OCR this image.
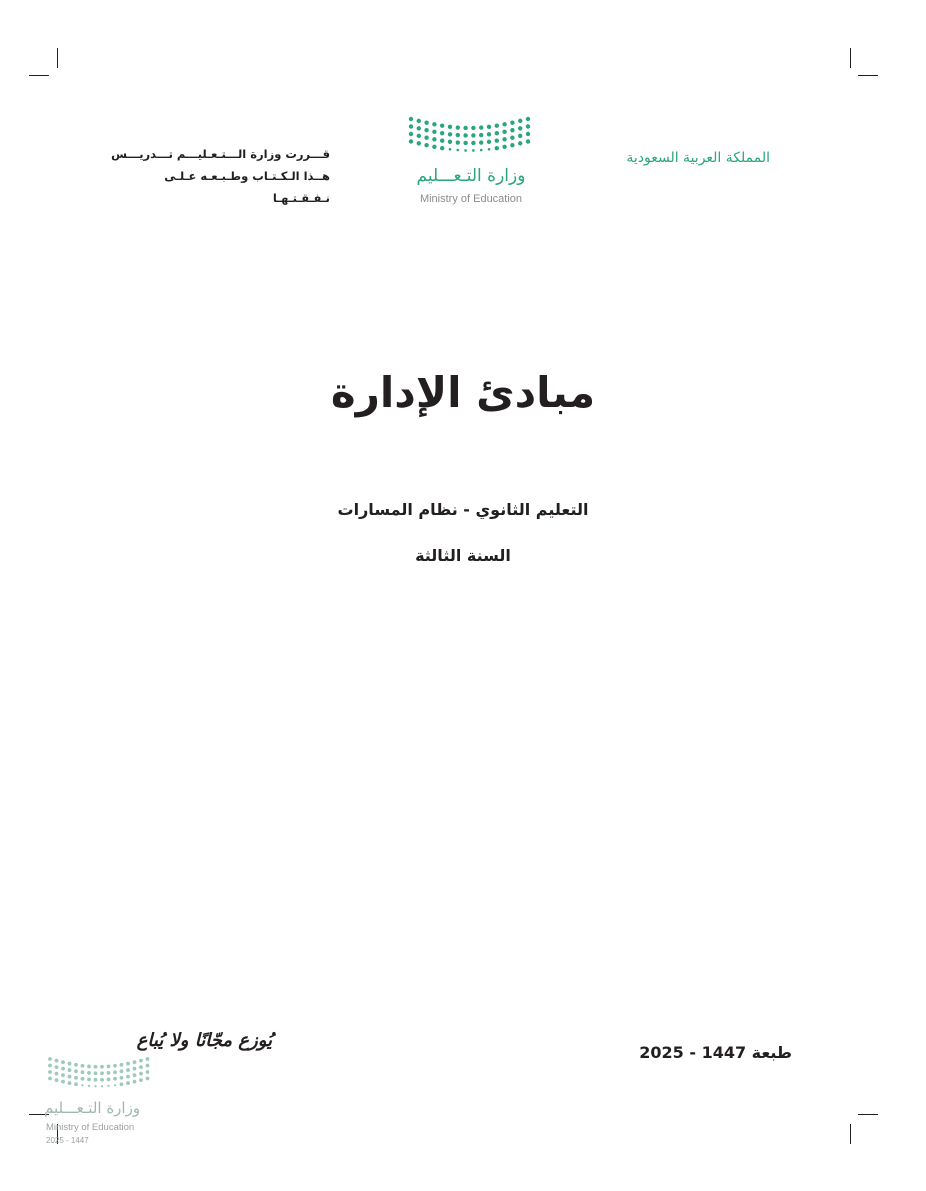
المملكة العربية السعودية
وزارة التـعـــليم
Ministry of Education
قـــررت وزارة الـــتـعـليـــم تـــدريـــس
هــذا الـكـتـاب وطـبـعـه عـلـى نـفـقـتـهـا
مبادئ الإدارة
التعليم الثانوي - نظام المسارات
السنة الثالثة
يُوزع مجّانًا ولا يُباع
طبعة 1447 - 2025
وزارة التـعـــليم
Ministry of Education
2025 - 1447
